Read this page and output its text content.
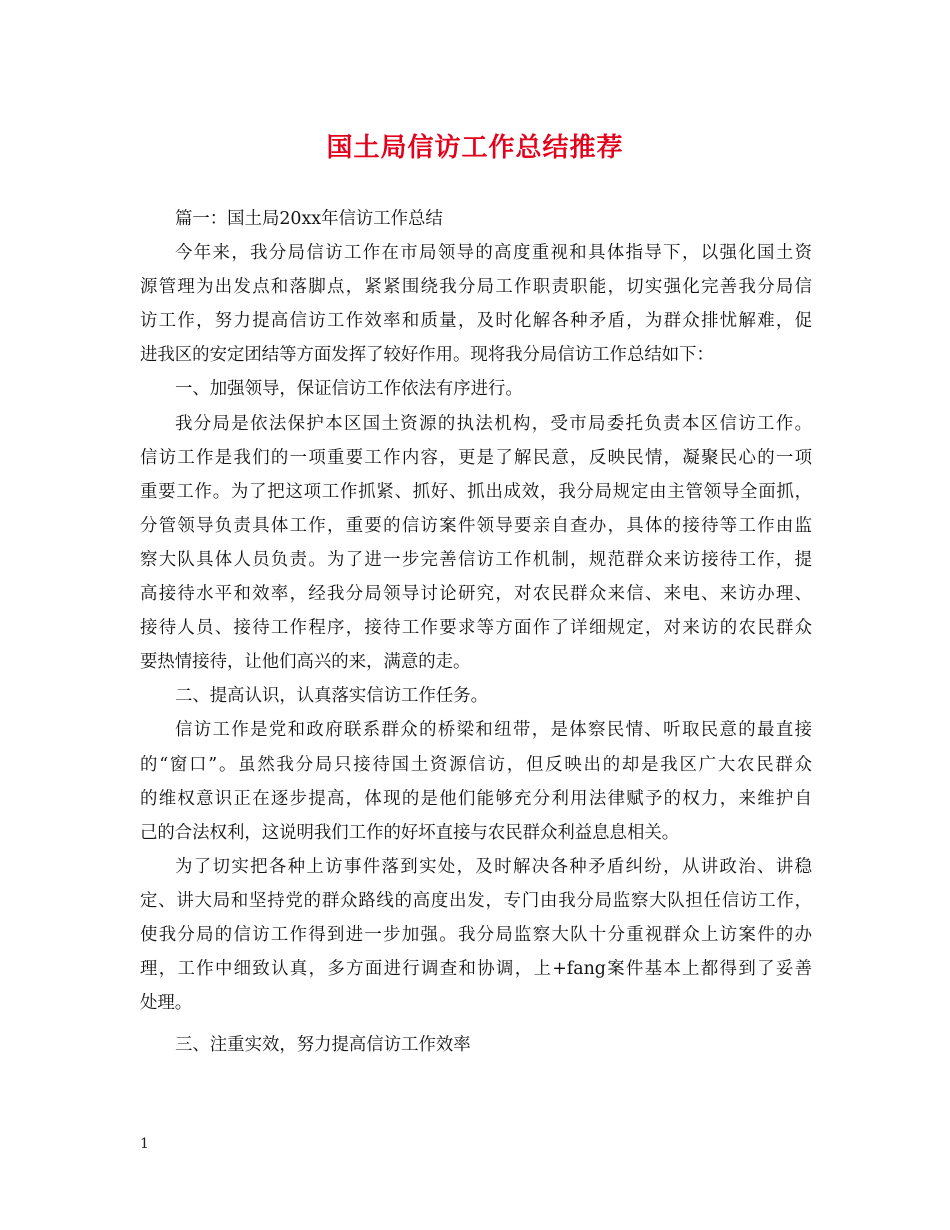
国土局信访工作总结推荐
篇一：国土局20xx年信访工作总结
今年来，我分局信访工作在市局领导的高度重视和具体指导下，以强化国土资
源管理为出发点和落脚点，紧紧围绕我分局工作职责职能，切实强化完善我分局信
访工作，努力提高信访工作效率和质量，及时化解各种矛盾，为群众排忧解难，促
进我区的安定团结等方面发挥了较好作用。现将我分局信访工作总结如下：
一、加强领导，保证信访工作依法有序进行。
我分局是依法保护本区国土资源的执法机构，受市局委托负责本区信访工作。
信访工作是我们的一项重要工作内容，更是了解民意，反映民情，凝聚民心的一项
重要工作。为了把这项工作抓紧、抓好、抓出成效，我分局规定由主管领导全面抓，
分管领导负责具体工作，重要的信访案件领导要亲自查办，具体的接待等工作由监
察大队具体人员负责。为了进一步完善信访工作机制，规范群众来访接待工作，提
高接待水平和效率，经我分局领导讨论研究，对农民群众来信、来电、来访办理、
接待人员、接待工作程序，接待工作要求等方面作了详细规定，对来访的农民群众
要热情接待，让他们高兴的来，满意的走。
二、提高认识，认真落实信访工作任务。
信访工作是党和政府联系群众的桥梁和纽带，是体察民情、听取民意的最直接
的“窗口”。虽然我分局只接待国土资源信访，但反映出的却是我区广大农民群众
的维权意识正在逐步提高，体现的是他们能够充分利用法律赋予的权力，来维护自
己的合法权利，这说明我们工作的好坏直接与农民群众利益息息相关。
为了切实把各种上访事件落到实处，及时解决各种矛盾纠纷，从讲政治、讲稳
定、讲大局和坚持党的群众路线的高度出发，专门由我分局监察大队担任信访工作，
使我分局的信访工作得到进一步加强。我分局监察大队十分重视群众上访案件的办
理，工作中细致认真，多方面进行调查和协调，上+fang案件基本上都得到了妥善
处理。
三、注重实效，努力提高信访工作效率
1
